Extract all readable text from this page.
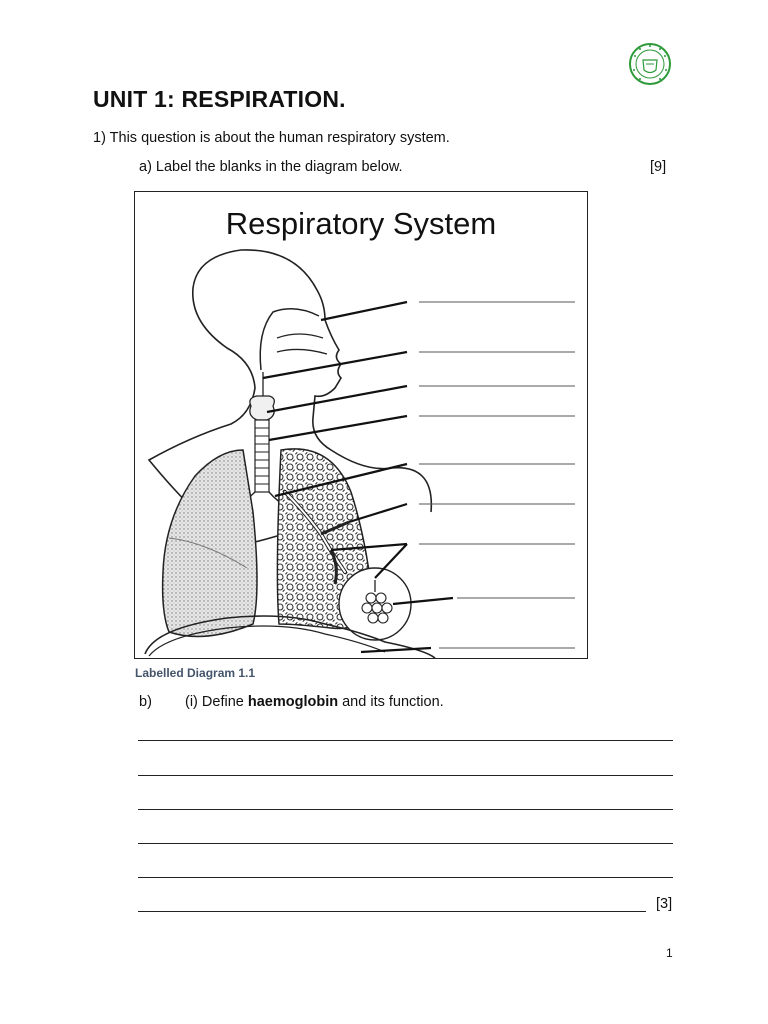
UNIT 1: RESPIRATION.
1) This question is about the human respiratory system.
a) Label the blanks in the diagram below.	[9]
Respiratory System
Labelled Diagram 1.1
b) (i) Define haemoglobin and its function.
[3]
1
